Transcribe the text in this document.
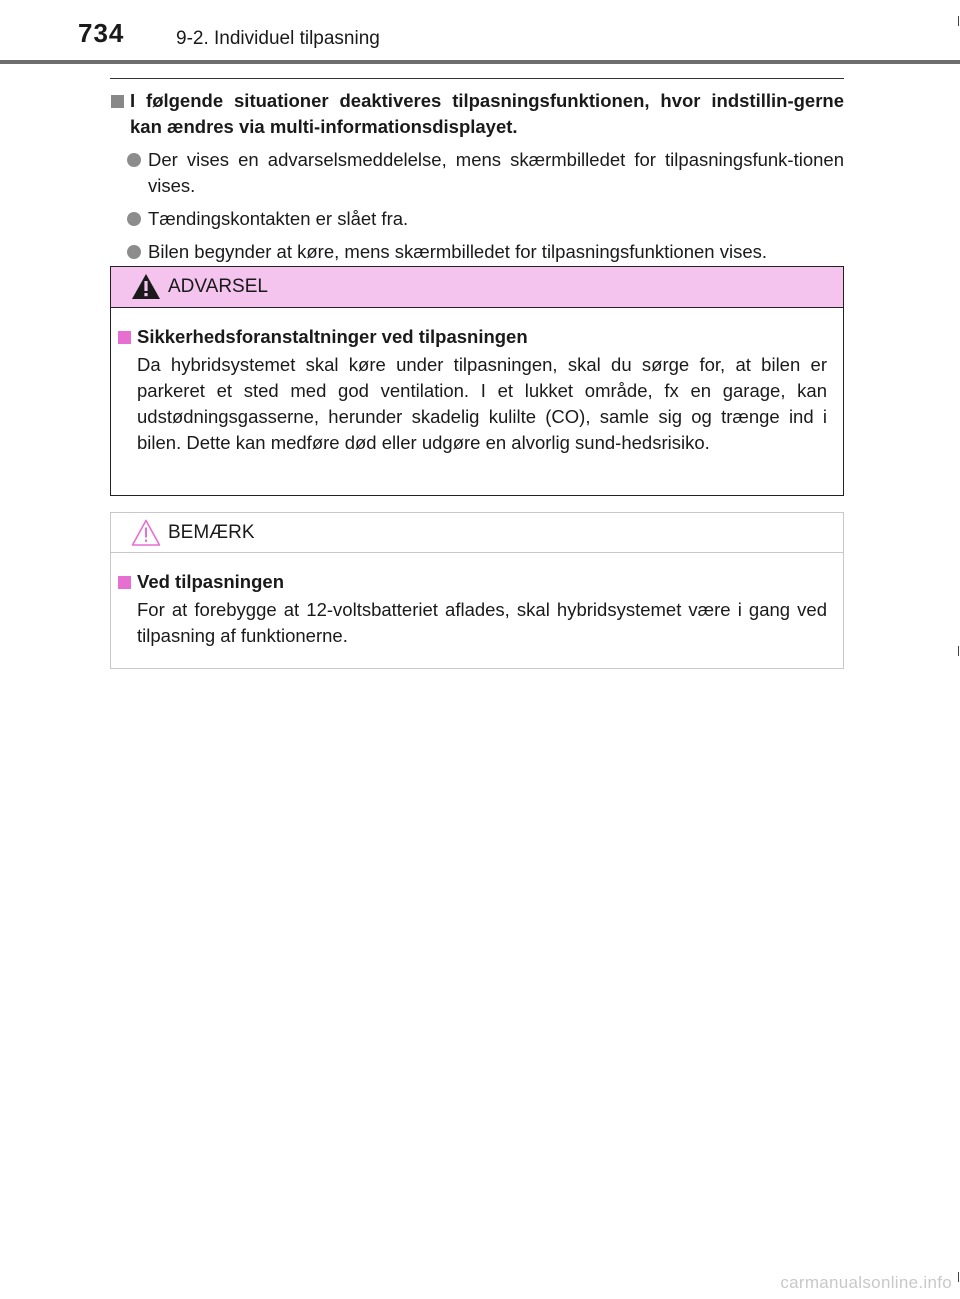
734	9-2. Individuel tilpasning
I følgende situationer deaktiveres tilpasningsfunktionen, hvor indstillin-gerne kan ændres via multi-informationsdisplayet.
Der vises en advarselsmeddelelse, mens skærmbilledet for tilpasningsfunk-tionen vises.
Tændingskontakten er slået fra.
Bilen begynder at køre, mens skærmbilledet for tilpasningsfunktionen vises.
ADVARSEL
Sikkerhedsforanstaltninger ved tilpasningen
Da hybridsystemet skal køre under tilpasningen, skal du sørge for, at bilen er parkeret et sted med god ventilation. I et lukket område, fx en garage, kan udstødningsgasserne, herunder skadelig kulilte (CO), samle sig og trænge ind i bilen. Dette kan medføre død eller udgøre en alvorlig sund-hedsrisiko.
BEMÆRK
Ved tilpasningen
For at forebygge at 12-voltsbatteriet aflades, skal hybridsystemet være i gang ved tilpasning af funktionerne.
carmanualsonline.info
